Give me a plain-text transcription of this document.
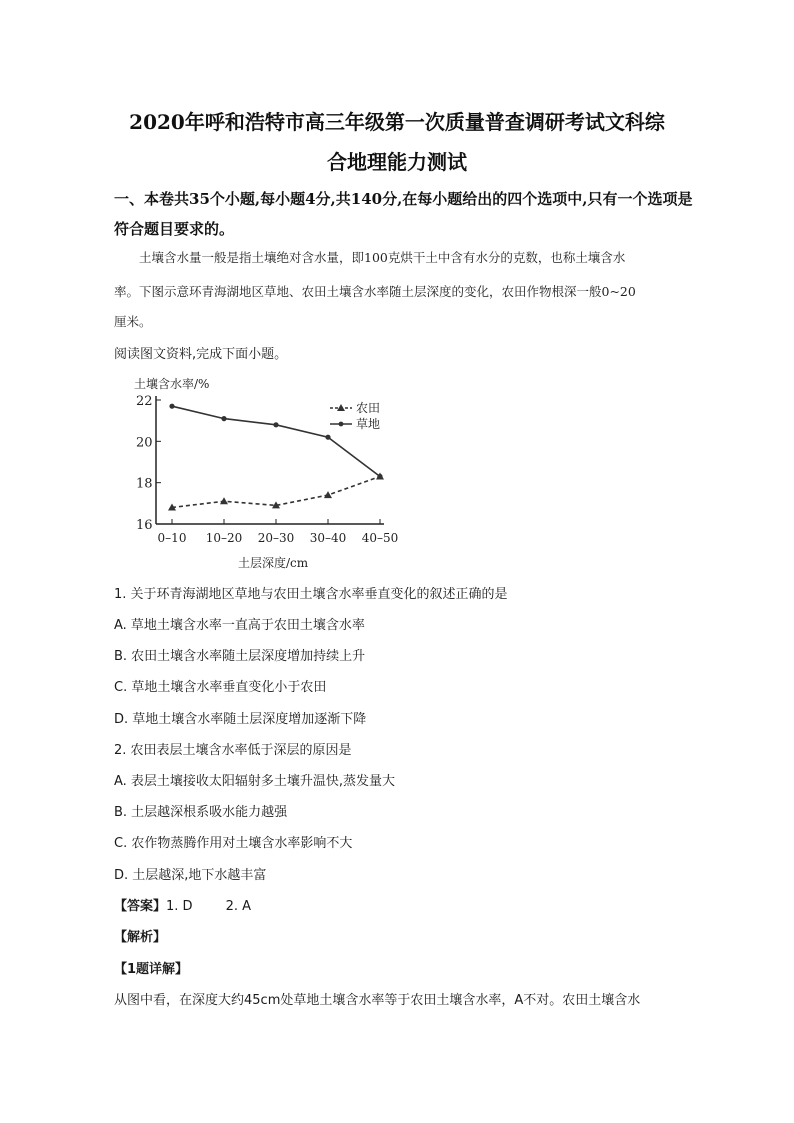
2020年呼和浩特市高三年级第一次质量普查调研考试文科综
合地理能力测试
一、本卷共35个小题,每小题4分,共140分,在每小题给出的四个选项中,只有一个选项是符合题目要求的。
土壤含水量一般是指土壤绝对含水量，即100克烘干土中含有水分的克数，也称土壤含水
率。下图示意环青海湖地区草地、农田土壤含水率随土层深度的变化，农田作物根深一般0~20
厘米。
阅读图文资料,完成下面小题。
土壤含水率/%
土层深度/cm
16
18
20
22
0–10 10–20 20–30 30–40 40–50
农田
草地
1. 关于环青海湖地区草地与农田土壤含水率垂直变化的叙述正确的是
A. 草地土壤含水率一直高于农田土壤含水率
B. 农田土壤含水率随土层深度增加持续上升
C. 草地土壤含水率垂直变化小于农田
D. 草地土壤含水率随土层深度增加逐渐下降
2. 农田表层土壤含水率低于深层的原因是
A. 表层土壤接收太阳辐射多土壤升温快,蒸发量大
B. 土层越深根系吸水能力越强
C. 农作物蒸腾作用对土壤含水率影响不大
D. 土层越深,地下水越丰富
【答案】1. D        2. A
【解析】
【1题详解】
从图中看，在深度大约45cm处草地土壤含水率等于农田土壤含水率，A不对。农田土壤含水
